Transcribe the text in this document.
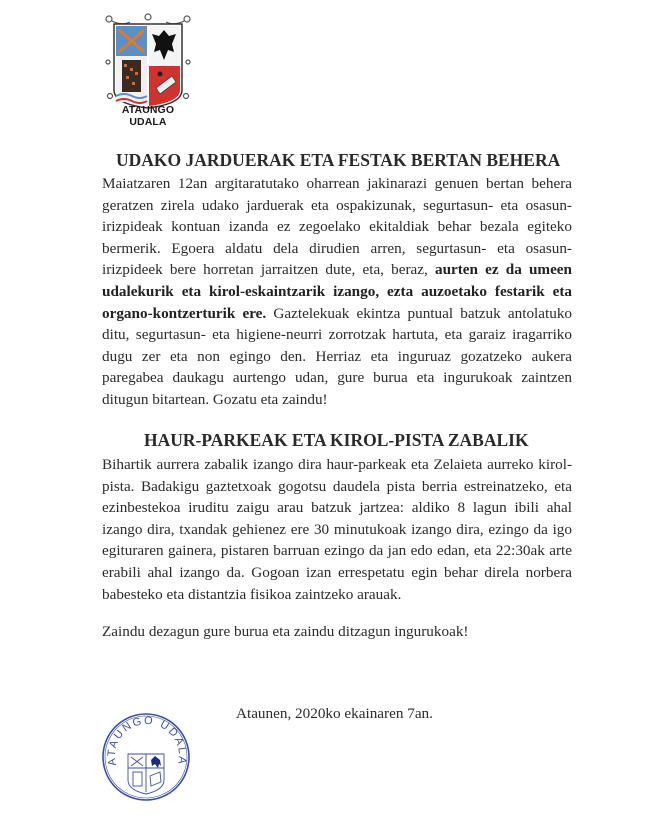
ATAUNGO UDALA
UDAKO JARDUERAK ETA FESTAK BERTAN BEHERA
Maiatzaren 12an argitaratutako oharrean jakinarazi genuen bertan behera
geratzen zirela udako jarduerak eta ospakizunak, segurtasun- eta osasun-
irizpideak kontuan izanda ez zegoelako ekitaldiak behar bezala egiteko
bermerik. Egoera aldatu dela dirudien arren, segurtasun- eta osasun-
irizpideek bere horretan jarraitzen dute, eta, beraz, aurten ez da umeen
udalekurik eta kirol-eskaintzarik izango, ezta auzoetako festarik eta
organo-kontzerturik ere. Gaztelekuak ekintza puntual batzuk antolatuko
ditu, segurtasun- eta higiene-neurri zorrotzak hartuta, eta garaiz iragarriko
dugu zer eta non egingo den. Herriaz eta inguruaz gozatzeko aukera
paregabea daukagu aurtengo udan, gure burua eta ingurukoak zaintzen
ditugun bitartean. Gozatu eta zaindu!
HAUR-PARKEAK ETA KIROL-PISTA ZABALIK
Bihartik aurrera zabalik izango dira haur-parkeak eta Zelaieta aurreko kirol-
pista. Badakigu gaztetxoak gogotsu daudela pista berria estreinatzeko, eta
ezinbestekoa iruditu zaigu arau batzuk jartzea: aldiko 8 lagun ibili ahal
izango dira, txandak gehienez ere 30 minutukoak izango dira, ezingo da igo
egituraren gainera, pistaren barruan ezingo da jan edo edan, eta 22:30ak arte
erabili ahal izango da. Gogoan izan errespetatu egin behar direla norbera
babesteko eta distantzia fisikoa zaintzeko arauak.
Zaindu dezagun gure burua eta zaindu ditzagun ingurukoak!
ATAUNGO UDALA
Ataunen, 2020ko ekainaren 7an.
